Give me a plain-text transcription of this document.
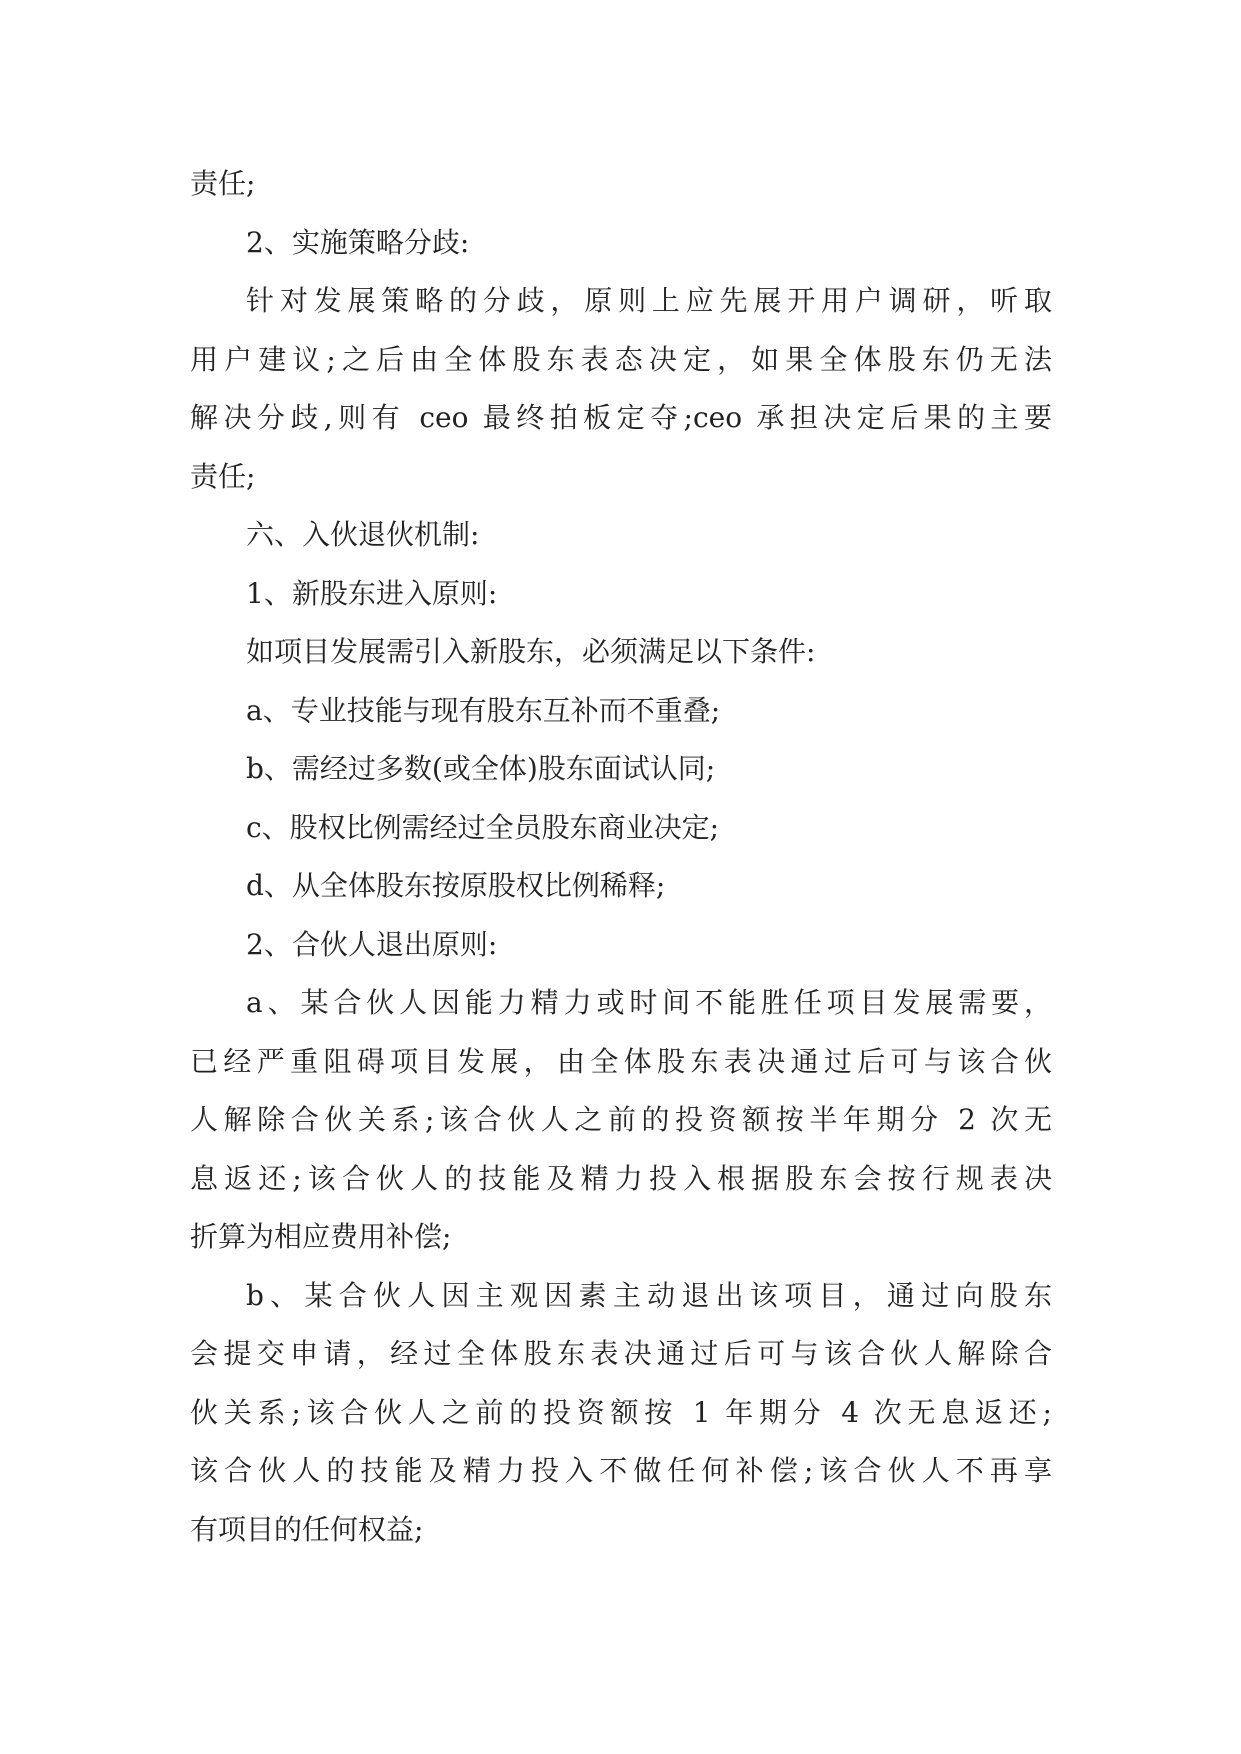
责任;
2、实施策略分歧:
针对发展策略的分歧，原则上应先展开用户调研，听取
用户建议;之后由全体股东表态决定，如果全体股东仍无法
解决分歧,则有 ceo 最终拍板定夺;ceo 承担决定后果的主要
责任;
六、入伙退伙机制:
1、新股东进入原则:
如项目发展需引入新股东，必须满足以下条件:
a、专业技能与现有股东互补而不重叠;
b、需经过多数(或全体)股东面试认同;
c、股权比例需经过全员股东商业决定;
d、从全体股东按原股权比例稀释;
2、合伙人退出原则:
a、某合伙人因能力精力或时间不能胜任项目发展需要，
已经严重阻碍项目发展，由全体股东表决通过后可与该合伙
人解除合伙关系;该合伙人之前的投资额按半年期分 2 次无
息返还;该合伙人的技能及精力投入根据股东会按行规表决
折算为相应费用补偿;
b、某合伙人因主观因素主动退出该项目，通过向股东
会提交申请，经过全体股东表决通过后可与该合伙人解除合
伙关系;该合伙人之前的投资额按 1 年期分 4 次无息返还;
该合伙人的技能及精力投入不做任何补偿;该合伙人不再享
有项目的任何权益;
